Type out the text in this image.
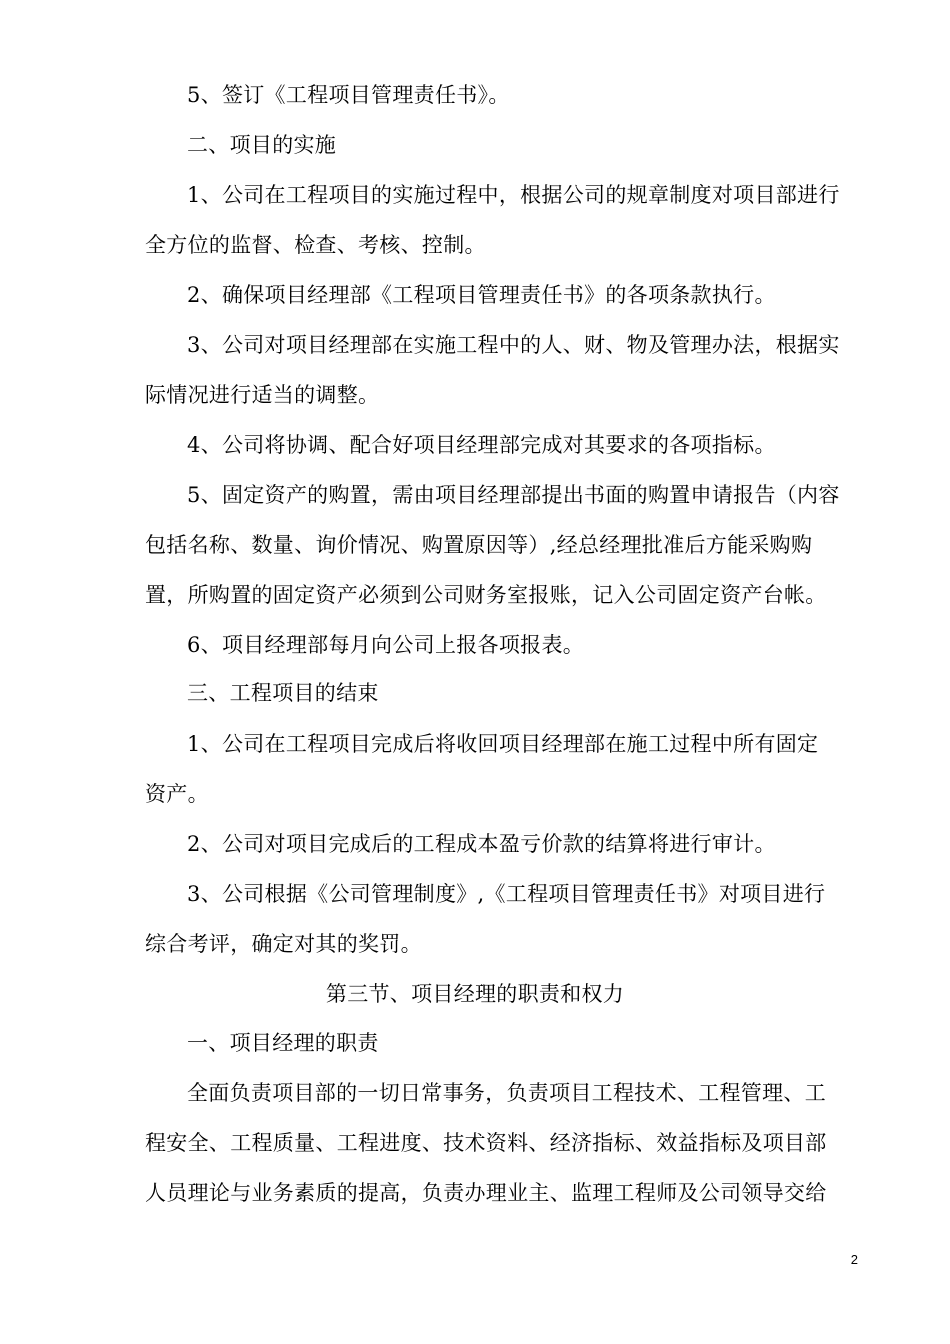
5、签订《工程项目管理责任书》。
二、项目的实施
1、公司在工程项目的实施过程中，根据公司的规章制度对项目部进行
全方位的监督、检查、考核、控制。
2、确保项目经理部《工程项目管理责任书》的各项条款执行。
3、公司对项目经理部在实施工程中的人、财、物及管理办法，根据实
际情况进行适当的调整。
4、公司将协调、配合好项目经理部完成对其要求的各项指标。
5、固定资产的购置，需由项目经理部提出书面的购置申请报告（内容
包括名称、数量、询价情况、购置原因等）,经总经理批准后方能采购购
置，所购置的固定资产必须到公司财务室报账，记入公司固定资产台帐。
6、项目经理部每月向公司上报各项报表。
三、工程项目的结束
1、公司在工程项目完成后将收回项目经理部在施工过程中所有固定
资产。
2、公司对项目完成后的工程成本盈亏价款的结算将进行审计。
3、公司根据《公司管理制度》,《工程项目管理责任书》对项目进行
综合考评，确定对其的奖罚。
第三节、项目经理的职责和权力
一、项目经理的职责
全面负责项目部的一切日常事务，负责项目工程技术、工程管理、工
程安全、工程质量、工程进度、技术资料、经济指标、效益指标及项目部
人员理论与业务素质的提高，负责办理业主、监理工程师及公司领导交给
2
